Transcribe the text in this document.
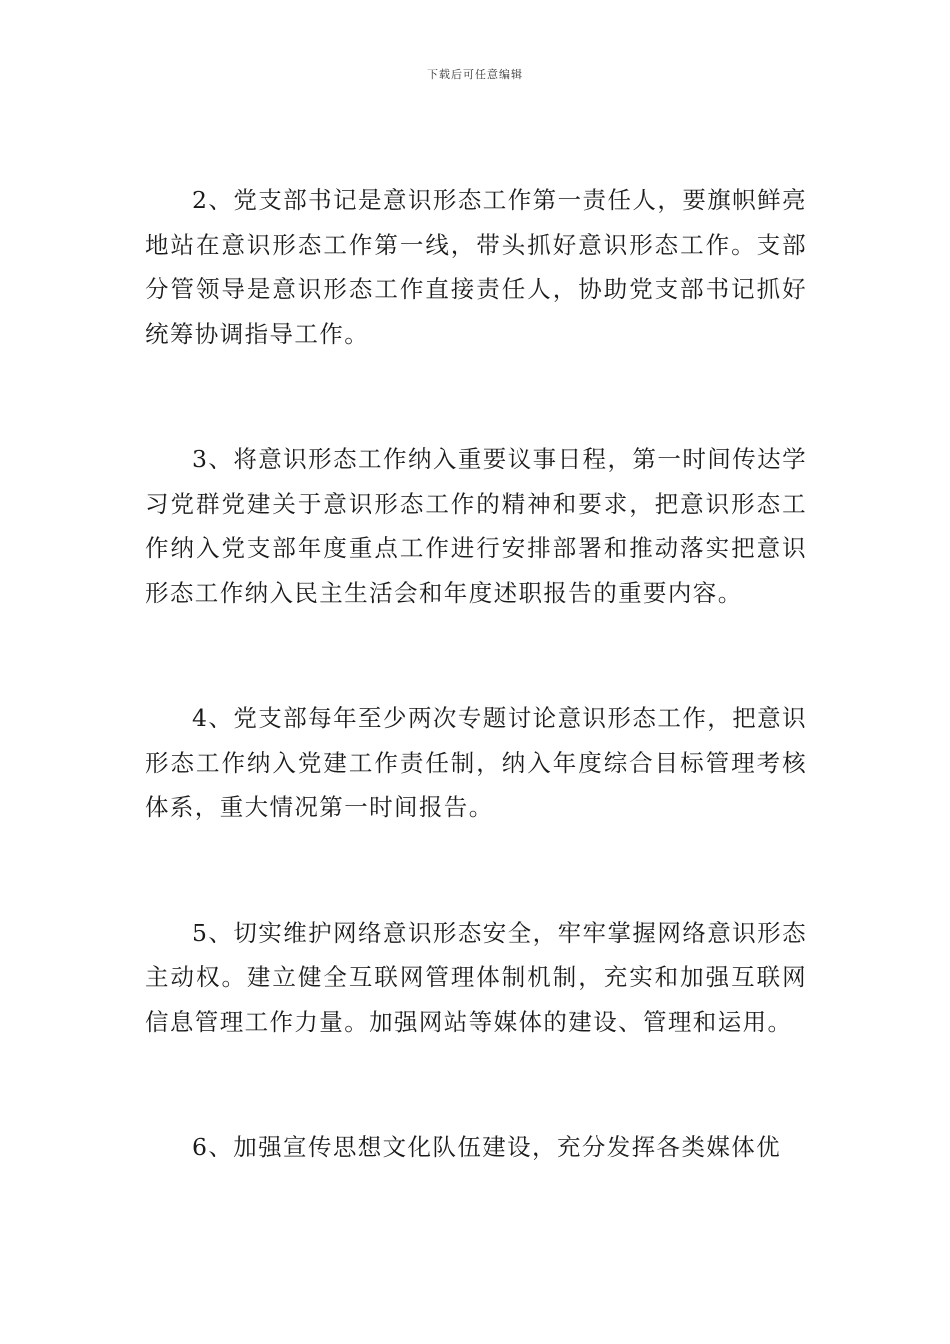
下载后可任意编辑

2、党支部书记是意识形态工作第一责任人，要旗帜鲜亮地站在意识形态工作第一线，带头抓好意识形态工作。支部分管领导是意识形态工作直接责任人，协助党支部书记抓好统筹协调指导工作。

3、将意识形态工作纳入重要议事日程，第一时间传达学习党群党建关于意识形态工作的精神和要求，把意识形态工作纳入党支部年度重点工作进行安排部署和推动落实把意识形态工作纳入民主生活会和年度述职报告的重要内容。

4、党支部每年至少两次专题讨论意识形态工作，把意识形态工作纳入党建工作责任制，纳入年度综合目标管理考核体系，重大情况第一时间报告。

5、切实维护网络意识形态安全，牢牢掌握网络意识形态主动权。建立健全互联网管理体制机制，充实和加强互联网信息管理工作力量。加强网站等媒体的建设、管理和运用。

6、加强宣传思想文化队伍建设，充分发挥各类媒体优
